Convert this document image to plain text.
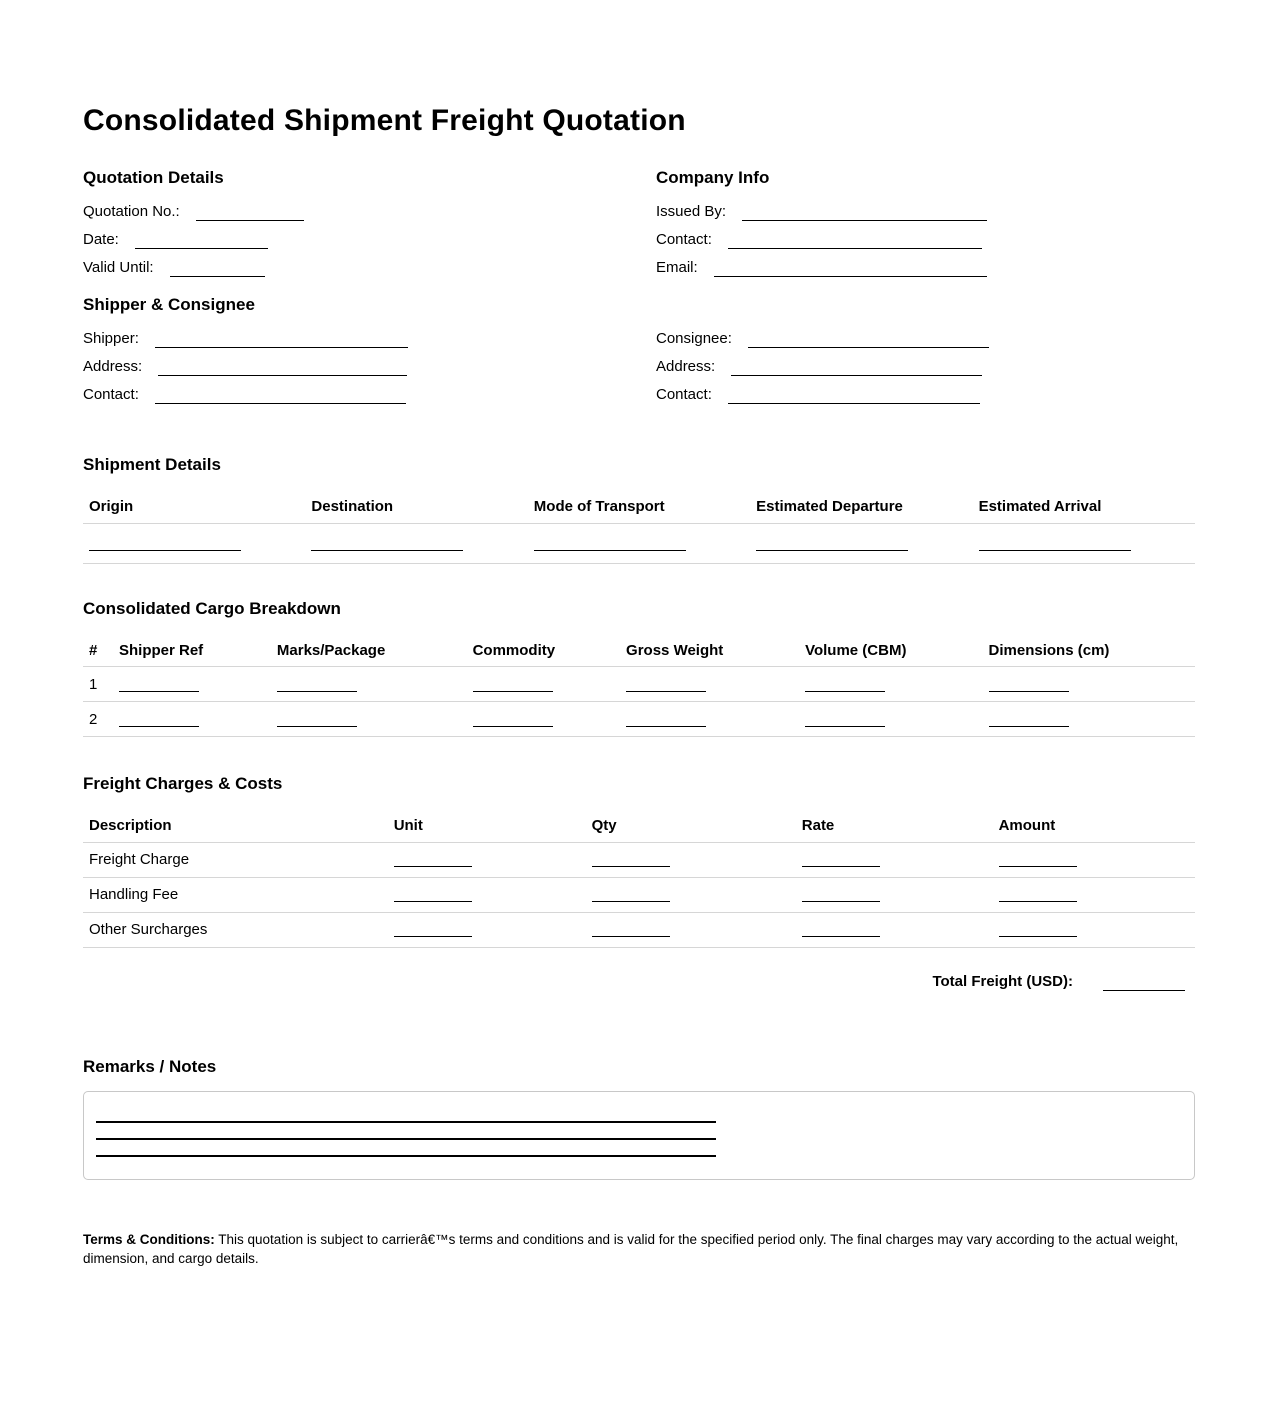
Consolidated Shipment Freight Quotation
Quotation Details
Quotation No.:
Date:
Valid Until:
Company Info
Issued By:
Contact:
Email:
Shipper & Consignee
Shipper:
Address:
Contact:
Consignee:
Address:
Contact:
Shipment Details
Origin	Destination	Mode of Transport	Estimated Departure	Estimated Arrival

Consolidated Cargo Breakdown
#	Shipper Ref	Marks/Package	Commodity	Gross Weight	Volume (CBM)	Dimensions (cm)
1						
2						
Freight Charges & Costs
Description	Unit	Qty	Rate	Amount
Freight Charge				
Handling Fee				
Other Surcharges				
Total Freight (USD):
Remarks / Notes

Terms & Conditions: This quotation is subject to carrierâ€™s terms and conditions and is valid for the specified period only. The final charges may vary according to the actual weight, dimension, and cargo details.
